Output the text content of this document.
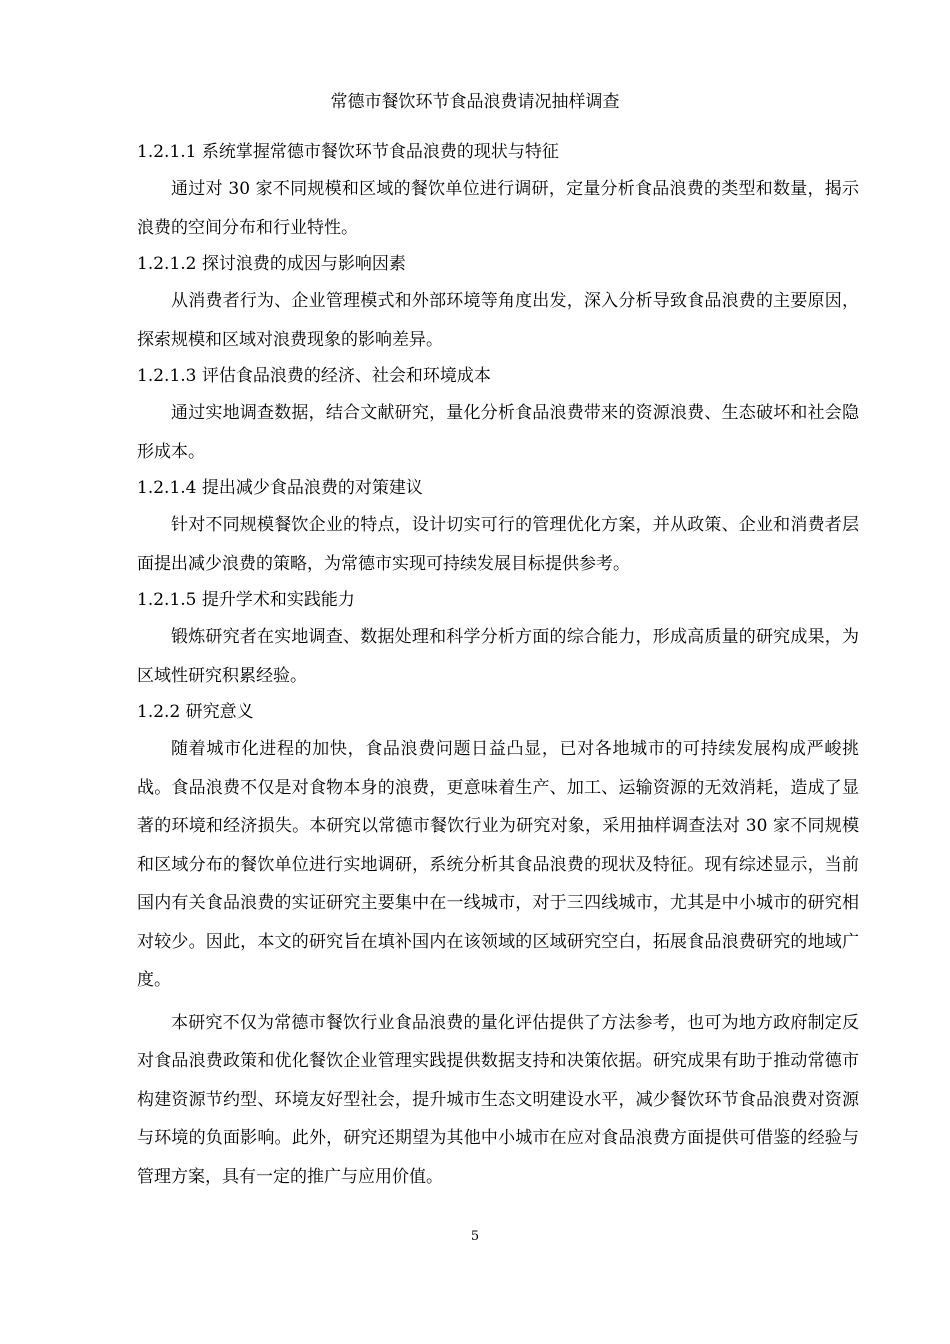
常德市餐饮环节食品浪费请况抽样调查

1.2.1.1 系统掌握常德市餐饮环节食品浪费的现状与特征

通过对 30 家不同规模和区域的餐饮单位进行调研，定量分析食品浪费的类型和数量，揭示浪费的空间分布和行业特性。

1.2.1.2 探讨浪费的成因与影响因素

从消费者行为、企业管理模式和外部环境等角度出发，深入分析导致食品浪费的主要原因，探索规模和区域对浪费现象的影响差异。

1.2.1.3 评估食品浪费的经济、社会和环境成本

通过实地调查数据，结合文献研究，量化分析食品浪费带来的资源浪费、生态破坏和社会隐形成本。

1.2.1.4 提出减少食品浪费的对策建议

针对不同规模餐饮企业的特点，设计切实可行的管理优化方案，并从政策、企业和消费者层面提出减少浪费的策略，为常德市实现可持续发展目标提供参考。

1.2.1.5 提升学术和实践能力

锻炼研究者在实地调查、数据处理和科学分析方面的综合能力，形成高质量的研究成果，为区域性研究积累经验。

1.2.2 研究意义

随着城市化进程的加快，食品浪费问题日益凸显，已对各地城市的可持续发展构成严峻挑战。食品浪费不仅是对食物本身的浪费，更意味着生产、加工、运输资源的无效消耗，造成了显著的环境和经济损失。本研究以常德市餐饮行业为研究对象，采用抽样调查法对 30 家不同规模和区域分布的餐饮单位进行实地调研，系统分析其食品浪费的现状及特征。现有综述显示，当前国内有关食品浪费的实证研究主要集中在一线城市，对于三四线城市，尤其是中小城市的研究相对较少。因此，本文的研究旨在填补国内在该领域的区域研究空白，拓展食品浪费研究的地域广度。

本研究不仅为常德市餐饮行业食品浪费的量化评估提供了方法参考，也可为地方政府制定反对食品浪费政策和优化餐饮企业管理实践提供数据支持和决策依据。研究成果有助于推动常德市构建资源节约型、环境友好型社会，提升城市生态文明建设水平，减少餐饮环节食品浪费对资源与环境的负面影响。此外，研究还期望为其他中小城市在应对食品浪费方面提供可借鉴的经验与管理方案，具有一定的推广与应用价值。

5
